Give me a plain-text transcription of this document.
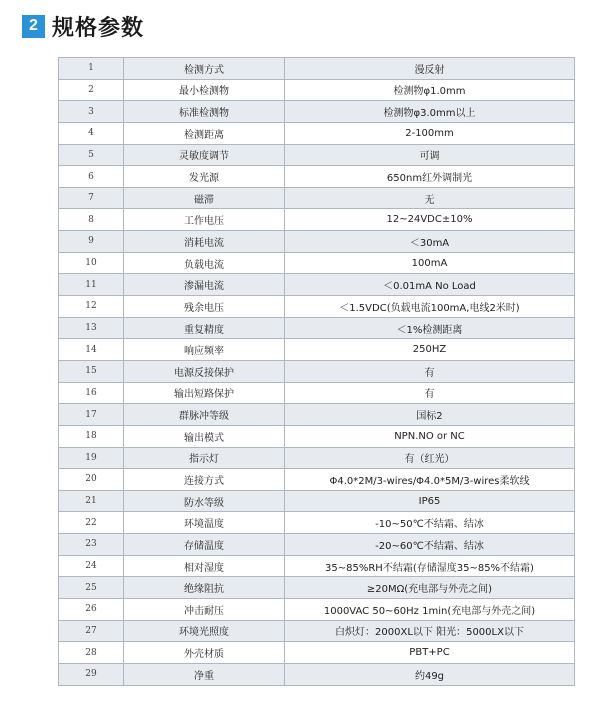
2 规格参数
1	检测方式	漫反射
2	最小检测物	检测物φ1.0mm
3	标准检测物	检测物φ3.0mm以上
4	检测距离	2-100mm
5	灵敏度调节	可调
6	发光源	650nm红外调制光
7	磁滞	无
8	工作电压	12~24VDC±10%
9	消耗电流	＜30mA
10	负载电流	100mA
11	渗漏电流	＜0.01mA No Load
12	残余电压	＜1.5VDC(负载电流100mA,电线2米时)
13	重复精度	＜1%检测距离
14	响应频率	250HZ
15	电源反接保护	有
16	输出短路保护	有
17	群脉冲等级	国标2
18	输出模式	NPN.NO or NC
19	指示灯	有（红光）
20	连接方式	Φ4.0*2M/3-wires/Φ4.0*5M/3-wires柔软线
21	防水等级	IP65
22	环境温度	-10~50℃不结霜、结冰
23	存储温度	-20~60℃不结霜、结冰
24	相对湿度	35~85%RH不结霜(存储湿度35~85%不结霜)
25	绝缘阻抗	≥20MΩ(充电部与外壳之间)
26	冲击耐压	1000VAC 50~60Hz 1min(充电部与外壳之间)
27	环境光照度	白炽灯：2000XL以下 阳光：5000LX以下
28	外壳材质	PBT+PC
29	净重	约49g
